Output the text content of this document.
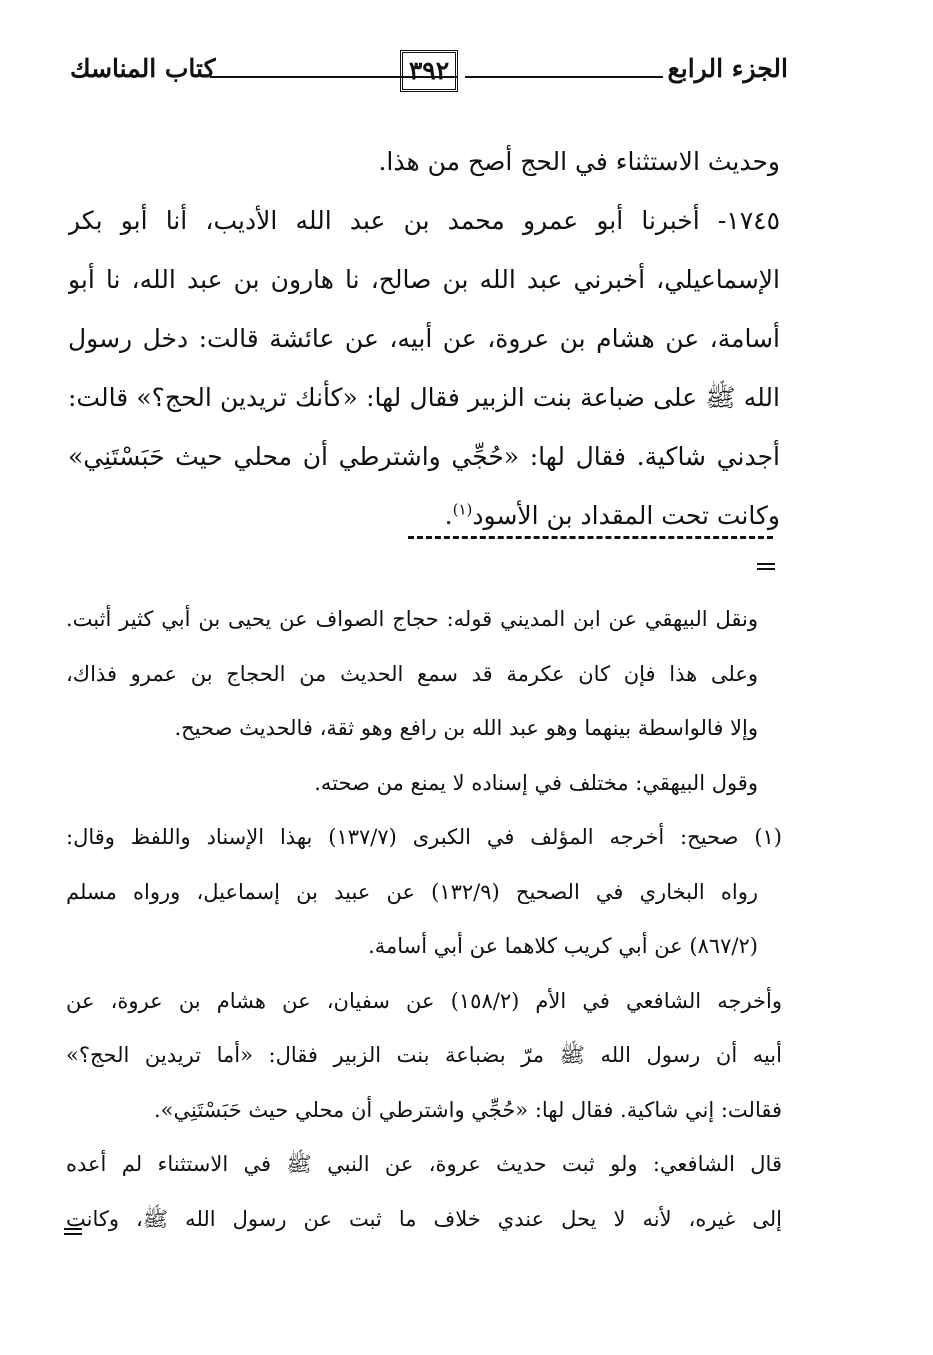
الجزء الرابع
٣٩٢
كتاب المناسك
وحديث الاستثناء في الحج أصح من هذا.
١٧٤٥- أخبرنا أبو عمرو محمد بن عبد الله الأديب، أنا أبو بكر
الإسماعيلي، أخبرني عبد الله بن صالح، نا هارون بن عبد الله، نا أبو
أسامة، عن هشام بن عروة، عن أبيه، عن عائشة قالت: دخل رسول
الله ﷺ على ضباعة بنت الزبير فقال لها: «كأنك تريدين الحج؟» قالت:
أجدني شاكية. فقال لها: «حُجِّي واشترطي أن محلي حيث حَبَسْتَنِي»
وكانت تحت المقداد بن الأسود$^{(١)}$.
ونقل البيهقي عن ابن المديني قوله: حجاج الصواف عن يحيى بن أبي كثير أثبت.
وعلى هذا فإن كان عكرمة قد سمع الحديث من الحجاج بن عمرو فذاك،
وإلا فالواسطة بينهما وهو عبد الله بن رافع وهو ثقة، فالحديث صحيح.
وقول البيهقي: مختلف في إسناده لا يمنع من صحته.
(١) صحيح: أخرجه المؤلف في الكبرى (١٣٧/٧) بهذا الإسناد واللفظ وقال:
رواه البخاري في الصحيح (١٣٢/٩) عن عبيد بن إسماعيل، ورواه مسلم
(٨٦٧/٢) عن أبي كريب كلاهما عن أبي أسامة.
وأخرجه الشافعي في الأم (١٥٨/٢) عن سفيان، عن هشام بن عروة، عن
أبيه أن رسول الله ﷺ مرّ بضباعة بنت الزبير فقال: «أما تريدين الحج؟»
فقالت: إني شاكية. فقال لها: «حُجِّي واشترطي أن محلي حيث حَبَسْتَنِي».
قال الشافعي: ولو ثبت حديث عروة، عن النبي ﷺ في الاستثناء لم أعده
إلى غيره، لأنه لا يحل عندي خلاف ما ثبت عن رسول الله ﷺ، وكانت
